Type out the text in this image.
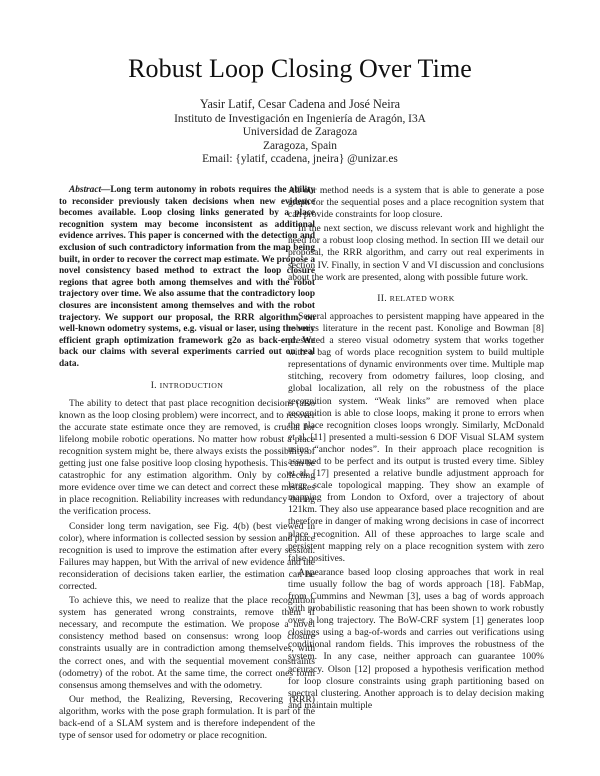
Robust Loop Closing Over Time
Yasir Latif, Cesar Cadena and José Neira
Instituto de Investigación en Ingeniería de Aragón, I3A
Universidad de Zaragoza
Zaragoza, Spain
Email: {ylatif, ccadena, jneira} @unizar.es

Abstract—Long term autonomy in robots requires the ability to reconsider previously taken decisions when new evidence becomes available. Loop closing links generated by a place recognition system may become inconsistent as additional evidence arrives. This paper is concerned with the detection and exclusion of such contradictory information from the map being built, in order to recover the correct map estimate. We propose a novel consistency based method to extract the loop closure regions that agree both among themselves and with the robot trajectory over time. We also assume that the contradictory loop closures are inconsistent among themselves and with the robot trajectory. We support our proposal, the RRR algorithm, on well-known odometry systems, e.g. visual or laser, using the very efficient graph optimization framework g2o as back-end. We back our claims with several experiments carried out on real data.

I. INTRODUCTION

The ability to detect that past place recognition decisions (also known as the loop closing problem) were incorrect, and to recover the accurate state estimate once they are removed, is crucial for lifelong mobile robotic operations. No matter how robust a place recognition system might be, there always exists the possibility of getting just one false positive loop closing hypothesis. This can be catastrophic for any estimation algorithm. Only by collecting more evidence over time we can detect and correct these mistakes in place recognition. Reliability increases with redundancy during the verification process.

Consider long term navigation, see Fig. 4(b) (best viewed in color), where information is collected session by session and place recognition is used to improve the estimation after every session. Failures may happen, but With the arrival of new evidence and the reconsideration of decisions taken earlier, the estimation can be corrected.

To achieve this, we need to realize that the place recognition system has generated wrong constraints, remove them if necessary, and recompute the estimation. We propose a novel consistency method based on consensus: wrong loop closure constraints usually are in contradiction among themselves, with the correct ones, and with the sequential movement constraints (odometry) of the robot. At the same time, the correct ones form consensus among themselves and with the odometry.

Our method, the Realizing, Reversing, Recovering (RRR) algorithm, works with the pose graph formulation. It is part of the back-end of a SLAM system and is therefore independent of the type of sensor used for odometry or place recognition.

All our method needs is a system that is able to generate a pose graph for the sequential poses and a place recognition system that can provide constraints for loop closure.

In the next section, we discuss relevant work and highlight the need for a robust loop closing method. In section III we detail our proposal, the RRR algorithm, and carry out real experiments in section IV. Finally, in section V and VI discussion and conclusions about the work are presented, along with possible future work.

II. RELATED WORK

Several approaches to persistent mapping have appeared in the robotics literature in the recent past. Konolige and Bowman [8] presented a stereo visual odometry system that works together with a bag of words place recognition system to build multiple representations of dynamic environments over time. Multiple map stitching, recovery from odometry failures, loop closing, and global localization, all rely on the robustness of the place recognition system. “Weak links” are removed when place recognition is able to close loops, making it prone to errors when the place recognition closes loops wrongly. Similarly, McDonald et al. [11] presented a multi-session 6 DOF Visual SLAM system using “anchor nodes”. In their approach place recognition is assumed to be perfect and its output is trusted every time. Sibley et al. [17] presented a relative bundle adjustment approach for large scale topological mapping. They show an example of mapping from London to Oxford, over a trajectory of about 121km. They also use appearance based place recognition and are therefore in danger of making wrong decisions in case of incorrect place recognition. All of these approaches to large scale and persistent mapping rely on a place recognition system with zero false positives.

Appearance based loop closing approaches that work in real time usually follow the bag of words approach [18]. FabMap, from Cummins and Newman [3], uses a bag of words approach with probabilistic reasoning that has been shown to work robustly over a long trajectory. The BoW-CRF system [1] generates loop closings using a bag-of-words and carries out verifications using conditional random fields. This improves the robustness of the system. In any case, neither approach can guarantee 100% accuracy. Olson [12] proposed a hypothesis verification method for loop closure constraints using graph partitioning based on spectral clustering. Another approach is to delay decision making and maintain multiple
